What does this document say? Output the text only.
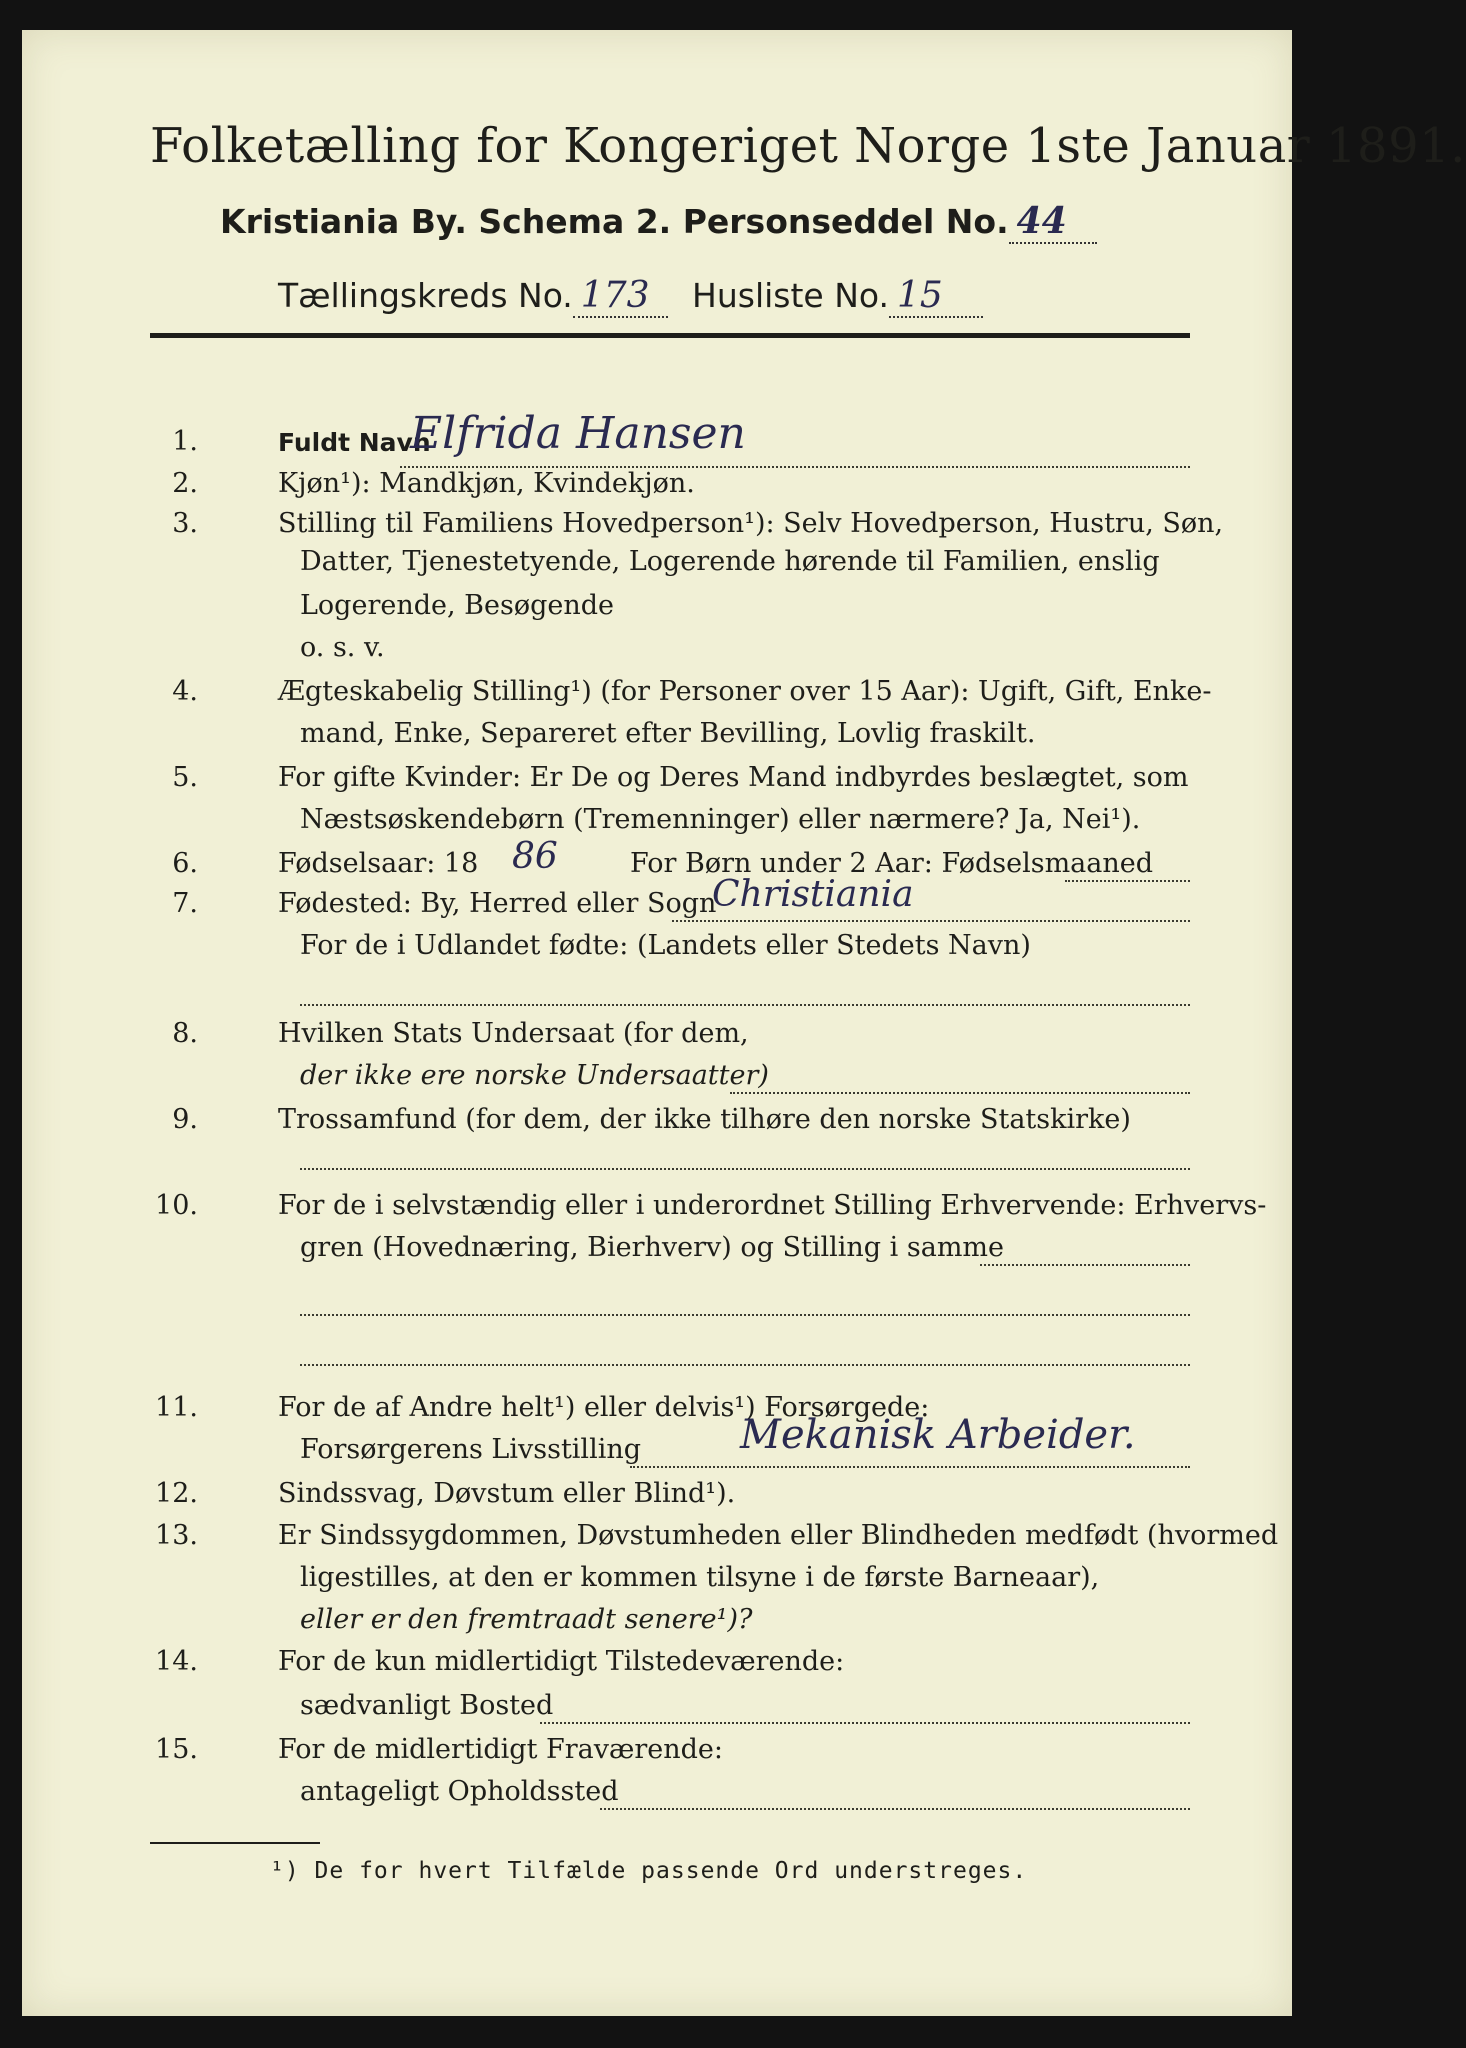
Folketælling for Kongeriget Norge 1ste Januar 1891.
Kristiania By. Schema 2. Personseddel No. 44
Tællingskreds No. 173 Husliste No. 15
1.	Fuldt Navn
Elfrida Hansen
2.	Kjøn¹): Mandkjøn, Kvindekjøn.
3.	Stilling til Familiens Hovedperson¹): Selv Hovedperson, Hustru, Søn,
Datter, Tjenestetyende, Logerende hørende til Familien, enslig
Logerende, Besøgende
o. s. v.
4.	Ægteskabelig Stilling¹) (for Personer over 15 Aar): Ugift, Gift, Enke-
mand, Enke, Separeret efter Bevilling, Lovlig fraskilt.
5.	For gifte Kvinder: Er De og Deres Mand indbyrdes beslægtet, som
Næstsøskendebørn (Tremenninger) eller nærmere? Ja, Nei¹).
6.	Fødselsaar: 18 86	For Børn under 2 Aar: Fødselsmaaned
7.	Fødested: By, Herred eller Sogn
Christiania
For de i Udlandet fødte: (Landets eller Stedets Navn)
8.	Hvilken Stats Undersaat (for dem,
der ikke ere norske Undersaatter)
9.	Trossamfund (for dem, der ikke tilhøre den norske Statskirke)
10.	For de i selvstændig eller i underordnet Stilling Erhvervende: Erhvervs-
gren (Hovednæring, Bierhverv) og Stilling i samme
11.	For de af Andre helt¹) eller delvis¹) Forsørgede:
Forsørgerens Livsstilling Mekanisk Arbeider.
12.	Sindssvag, Døvstum eller Blind¹).
13.	Er Sindssygdommen, Døvstumheden eller Blindheden medfødt (hvormed
ligestilles, at den er kommen tilsyne i de første Barneaar),
eller er den fremtraadt senere¹)?
14.	For de kun midlertidigt Tilstedeværende:
sædvanligt Bosted
15.	For de midlertidigt Fraværende:
antageligt Opholdssted
¹) De for hvert Tilfælde passende Ord understreges.
